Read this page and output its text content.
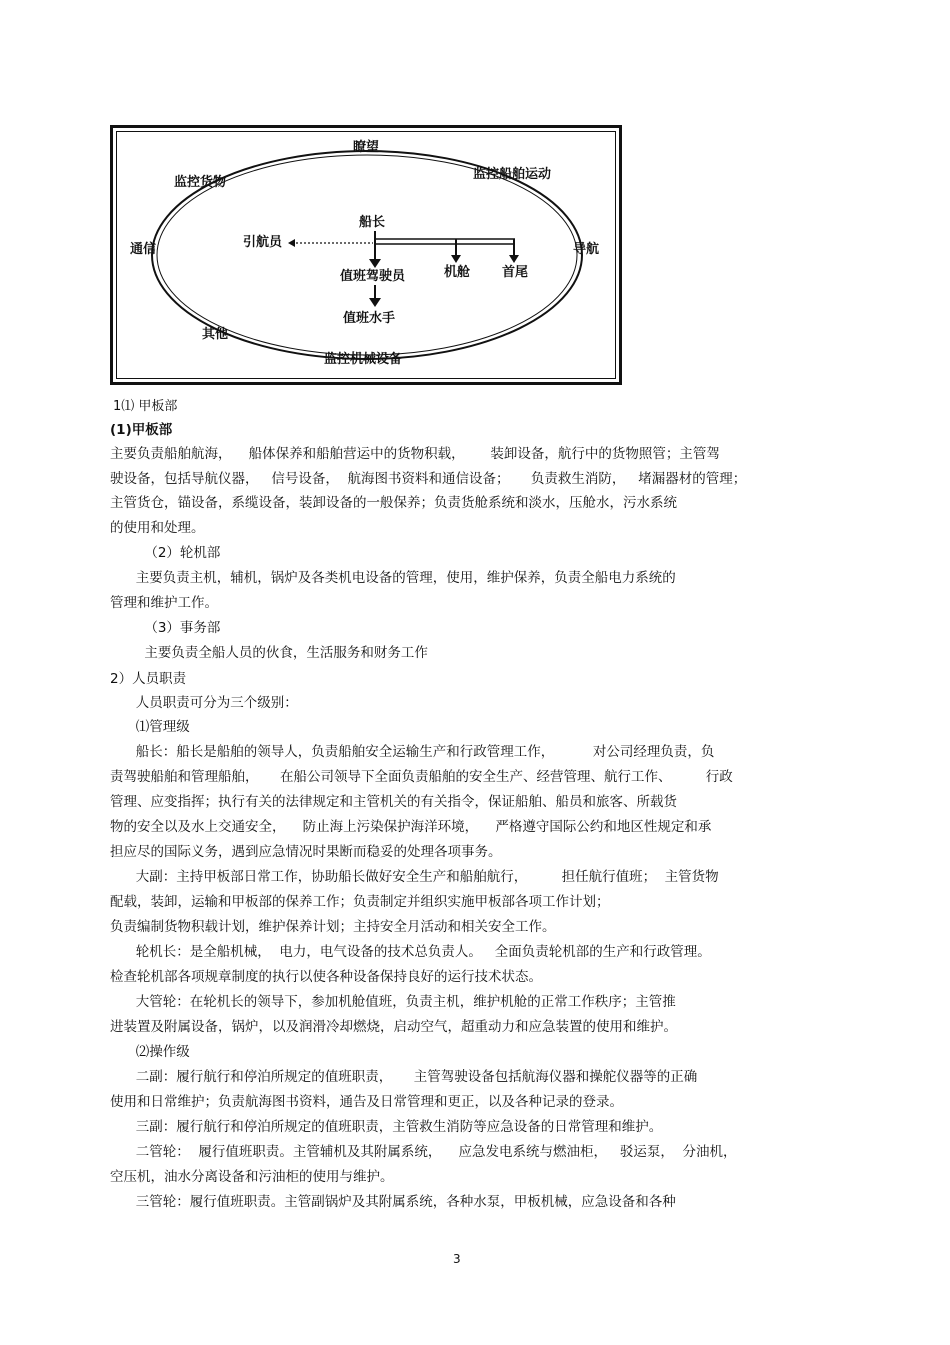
瞭望
监控货物
监控船舶运动
通信	导航
其他
监控机械设备
船长
引航员
值班驾驶员	机舱 首尾
值班水手
1⑴ 甲板部
(1)甲板部
主要负责船舶航海，    船体保养和船舶营运中的货物积载，      装卸设备，航行中的货物照管；主管驾
驶设备，包括导航仪器，   信号设备，  航海图书资料和通信设备；     负责救生消防，   堵漏器材的管理；
主管货仓，锚设备，系缆设备，装卸设备的一般保养；负责货舱系统和淡水，压舱水，污水系统
的使用和处理。
（2）轮机部
主要负责主机，辅机，锅炉及各类机电设备的管理，使用，维护保养，负责全船电力系统的
管理和维护工作。
（3）事务部
主要负责全船人员的伙食，生活服务和财务工作
2）人员职责
人员职责可分为三个级别：
⑴管理级
船长：船长是船舶的领导人，负责船舶安全运输生产和行政管理工作，         对公司经理负责，负
责驾驶船舶和管理船舶，     在船公司领导下全面负责船舶的安全生产、经营管理、航行工作、        行政
管理、应变指挥；执行有关的法律规定和主管机关的有关指令，保证船舶、船员和旅客、所载货
物的安全以及水上交通安全，    防止海上污染保护海洋环境，    严格遵守国际公约和地区性规定和承
担应尽的国际义务，遇到应急情况时果断而稳妥的处理各项事务。
大副：主持甲板部日常工作，协助船长做好安全生产和船舶航行，        担任航行值班；  主管货物
配载，装卸，运输和甲板部的保养工作；负责制定并组织实施甲板部各项工作计划；
负责编制货物积载计划，维护保养计划；主持安全月活动和相关安全工作。
轮机长：是全船机械，  电力，电气设备的技术总负责人。   全面负责轮机部的生产和行政管理。
检查轮机部各项规章制度的执行以使各种设备保持良好的运行技术状态。
大管轮：在轮机长的领导下，参加机舱值班，负责主机，维护机舱的正常工作秩序；主管推
进装置及附属设备，锅炉，以及润滑冷却燃烧，启动空气，超重动力和应急装置的使用和维护。
⑵操作级
二副：履行航行和停泊所规定的值班职责，     主管驾驶设备包括航海仪器和操舵仪器等的正确
使用和日常维护；负责航海图书资料，通告及日常管理和更正，以及各种记录的登录。
三副：履行航行和停泊所规定的值班职责，主管救生消防等应急设备的日常管理和维护。
二管轮：  履行值班职责。主管辅机及其附属系统，    应急发电系统与燃油柜，   驳运泵，  分油机，
空压机，油水分离设备和污油柜的使用与维护。
三管轮：履行值班职责。主管副锅炉及其附属系统，各种水泵，甲板机械，应急设备和各种
3
